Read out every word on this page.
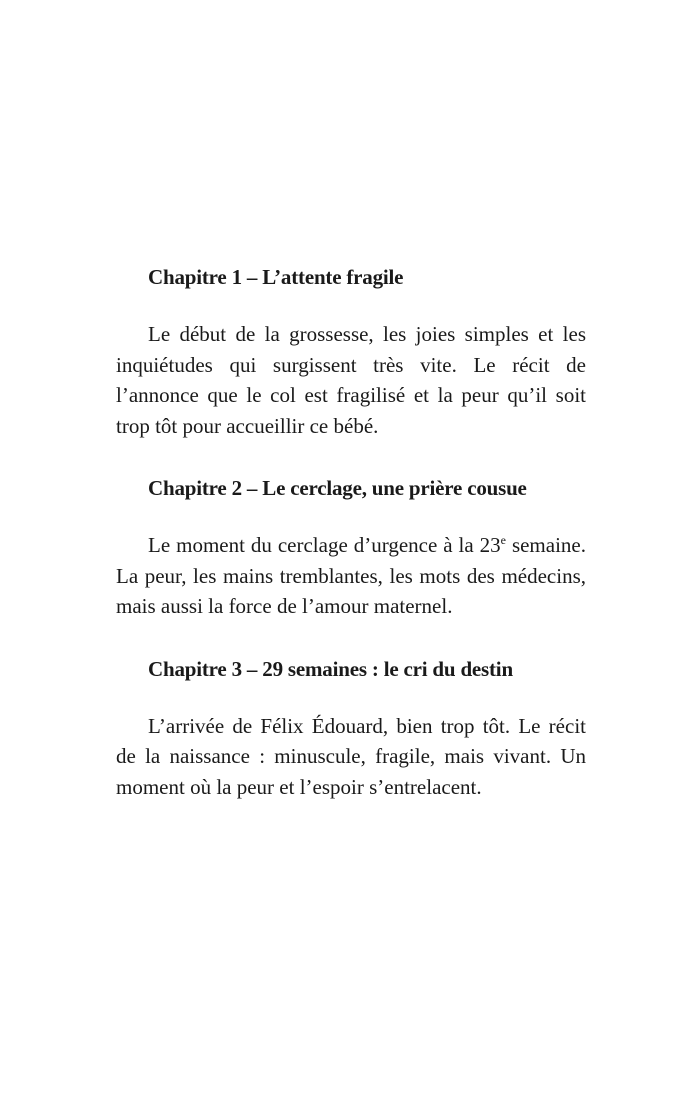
Chapitre 1 – L’attente fragile

Le début de la grossesse, les joies simples et les inquiétudes qui surgissent très vite. Le récit de l’annonce que le col est fragilisé et la peur qu’il soit trop tôt pour accueillir ce bébé.

Chapitre 2 – Le cerclage, une prière cousue

Le moment du cerclage d’urgence à la 23e semaine. La peur, les mains tremblantes, les mots des médecins, mais aussi la force de l’amour maternel.

Chapitre 3 – 29 semaines : le cri du destin

L’arrivée de Félix Édouard, bien trop tôt. Le récit de la naissance : minuscule, fragile, mais vivant. Un moment où la peur et l’espoir s’entrelacent.
